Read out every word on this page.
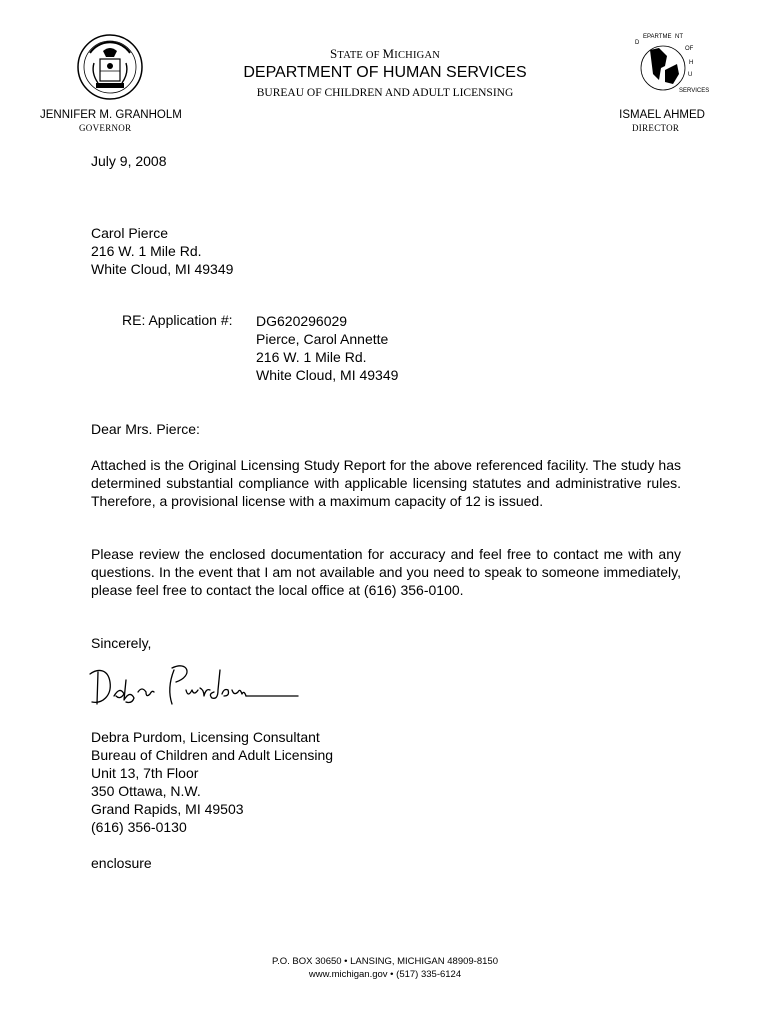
D
EPARTME NT
OF
H
U
SERVICES
STATE OF MICHIGAN
DEPARTMENT OF HUMAN SERVICES
BUREAU OF CHILDREN AND ADULT LICENSING
JENNIFER M. GRANHOLM
GOVERNOR
ISMAEL AHMED
DIRECTOR
July 9, 2008
Carol Pierce
216 W. 1 Mile Rd.
White Cloud, MI 49349
RE: Application #: DG620296029
Pierce, Carol Annette
216 W. 1 Mile Rd.
White Cloud, MI 49349
Dear Mrs. Pierce:
Attached is the Original Licensing Study Report for the above referenced facility. The study has determined substantial compliance with applicable licensing statutes and administrative rules. Therefore, a provisional license with a maximum capacity of 12 is issued.
Please review the enclosed documentation for accuracy and feel free to contact me with any questions. In the event that I am not available and you need to speak to someone immediately, please feel free to contact the local office at (616) 356-0100.
Sincerely,
Debra Purdom, Licensing Consultant
Bureau of Children and Adult Licensing
Unit 13, 7th Floor
350 Ottawa, N.W.
Grand Rapids, MI 49503
(616) 356-0130
enclosure
P.O. BOX 30650 • LANSING, MICHIGAN 48909-8150
www.michigan.gov • (517) 335-6124
